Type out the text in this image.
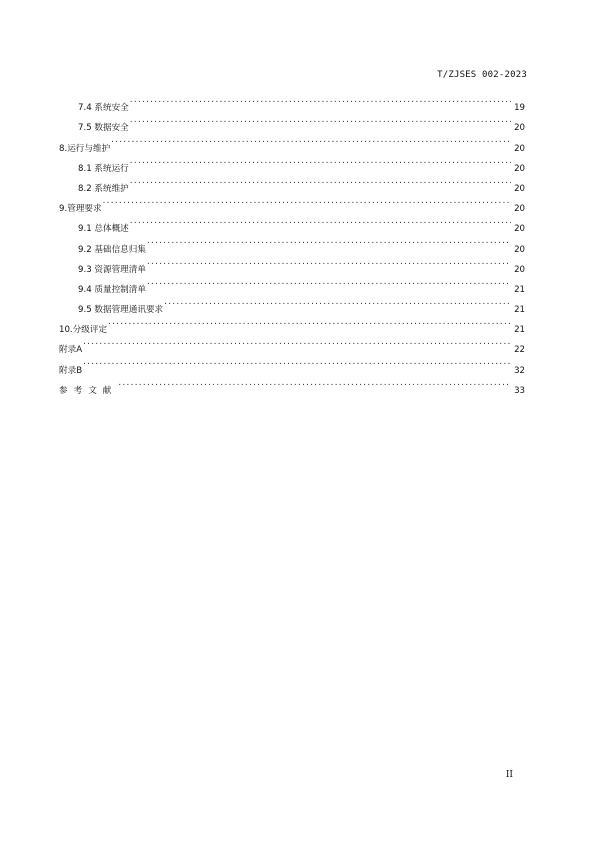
T/ZJSES 002-2023
7.4 系统安全 .....	19
7.5 数据安全 .....	20
8.运行与维护 .....	20
8.1 系统运行 .....	20
8.2 系统维护 .....	20
9.管理要求 .....	20
9.1 总体概述 .....	20
9.2 基础信息归集 .....	20
9.3 资源管理清单 .....	20
9.4 质量控制清单 .....	21
9.5 数据管理通讯要求 .....	21
10.分级评定 .....	21
附录A .....	22
附录B .....	32
参考文献 .....	33
II
